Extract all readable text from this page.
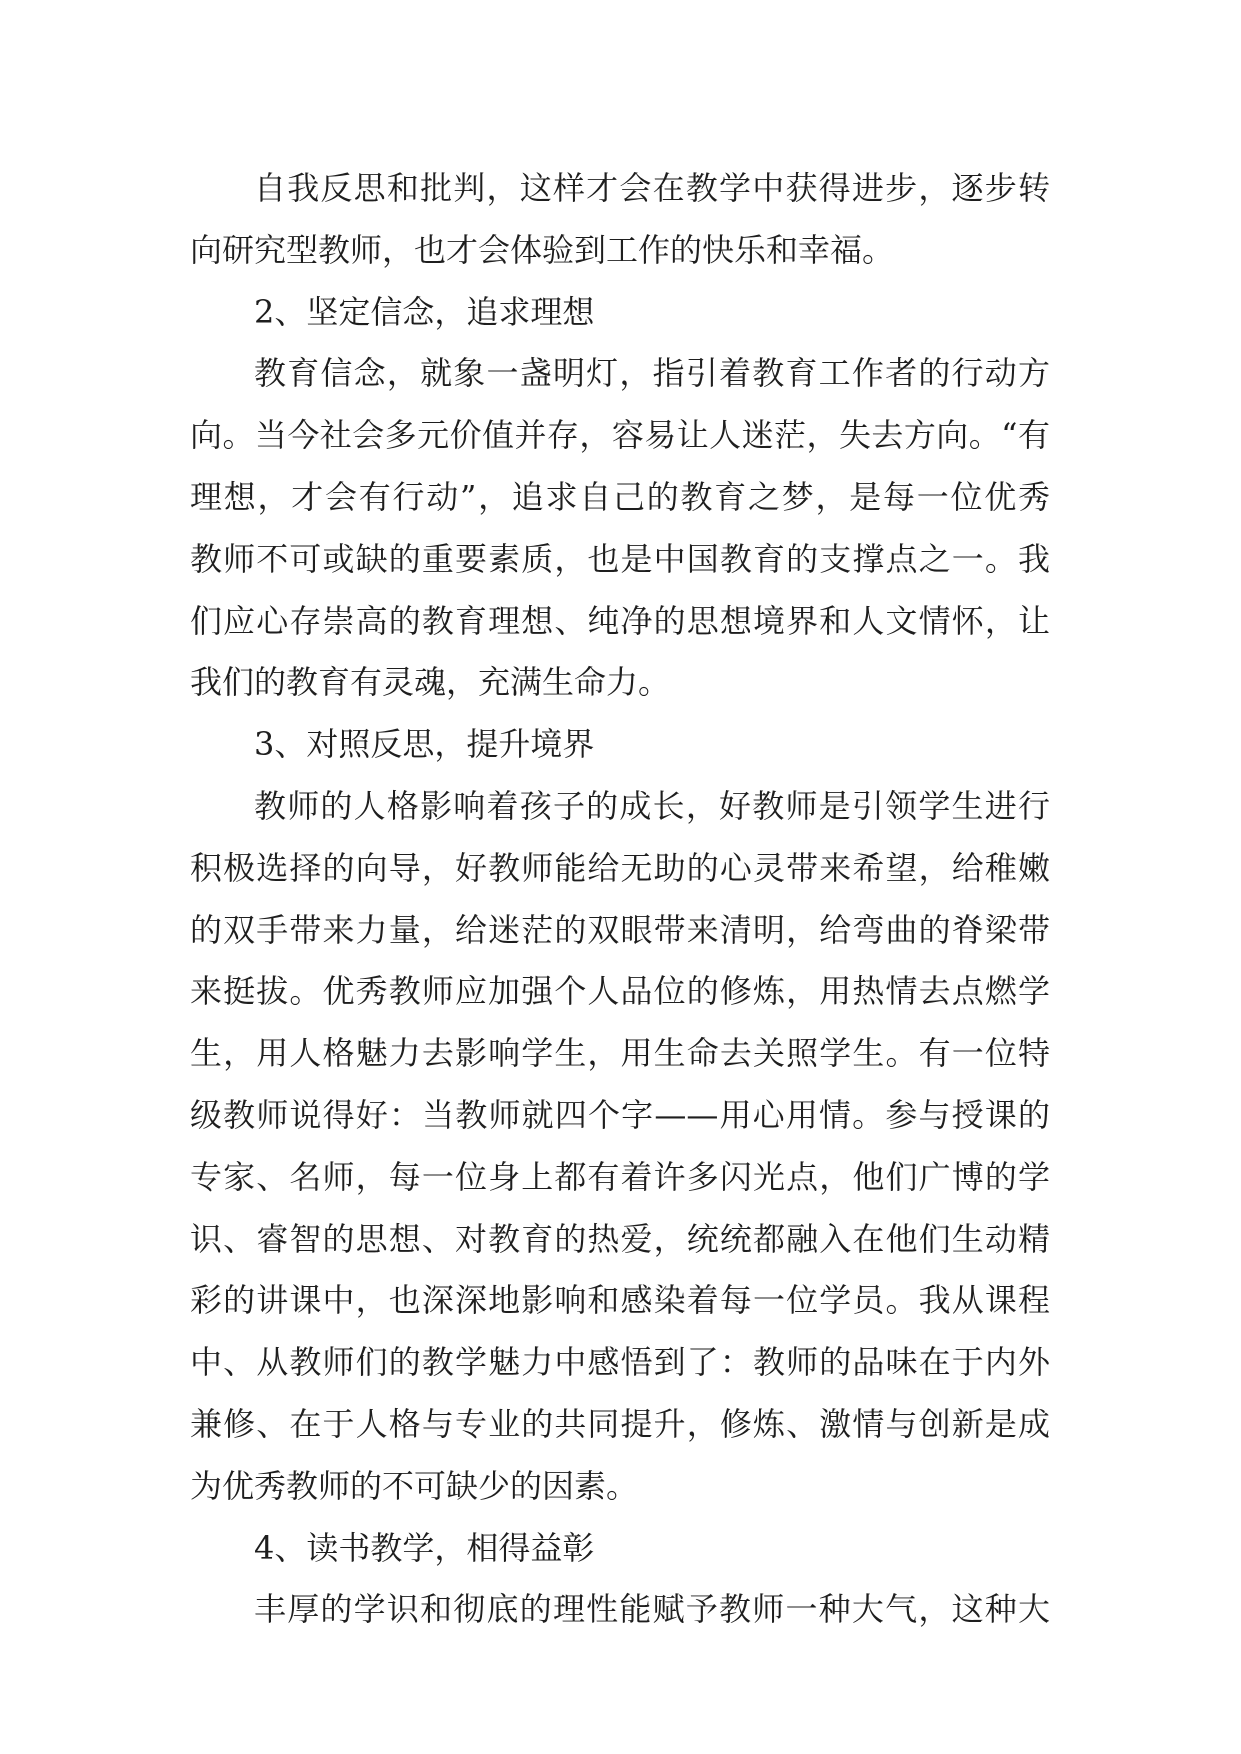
自我反思和批判，这样才会在教学中获得进步，逐步转
向研究型教师，也才会体验到工作的快乐和幸福。
2、坚定信念，追求理想
教育信念，就象一盏明灯，指引着教育工作者的行动方
向。当今社会多元价值并存，容易让人迷茫，失去方向。“有
理想，才会有行动”，追求自己的教育之梦，是每一位优秀
教师不可或缺的重要素质，也是中国教育的支撑点之一。我
们应心存崇高的教育理想、纯净的思想境界和人文情怀，让
我们的教育有灵魂，充满生命力。
3、对照反思，提升境界
教师的人格影响着孩子的成长，好教师是引领学生进行
积极选择的向导，好教师能给无助的心灵带来希望，给稚嫩
的双手带来力量，给迷茫的双眼带来清明，给弯曲的脊梁带
来挺拔。优秀教师应加强个人品位的修炼，用热情去点燃学
生，用人格魅力去影响学生，用生命去关照学生。有一位特
级教师说得好：当教师就四个字——用心用情。参与授课的
专家、名师，每一位身上都有着许多闪光点，他们广博的学
识、睿智的思想、对教育的热爱，统统都融入在他们生动精
彩的讲课中，也深深地影响和感染着每一位学员。我从课程
中、从教师们的教学魅力中感悟到了：教师的品味在于内外
兼修、在于人格与专业的共同提升，修炼、激情与创新是成
为优秀教师的不可缺少的因素。
4、读书教学，相得益彰
丰厚的学识和彻底的理性能赋予教师一种大气，这种大
